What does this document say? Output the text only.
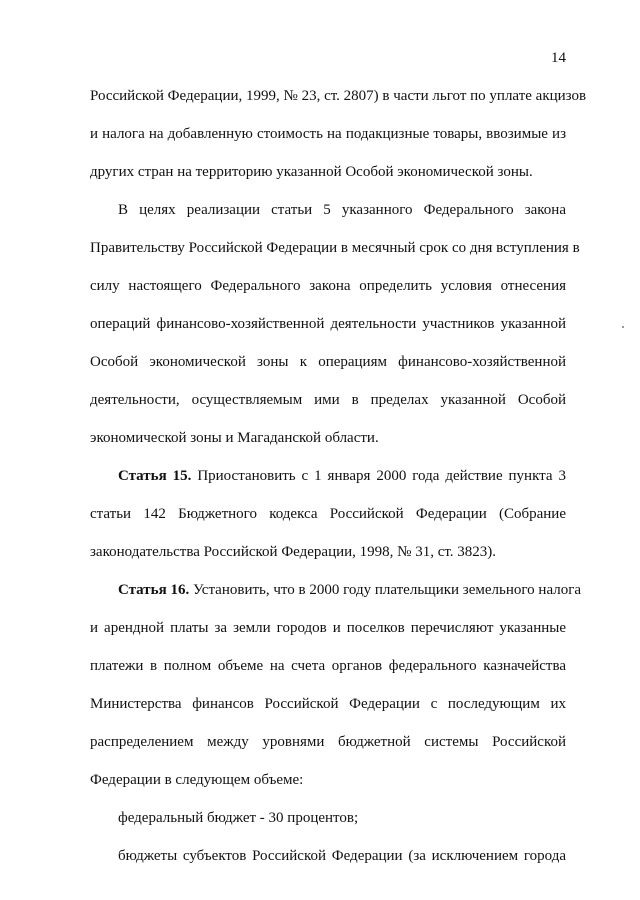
14
Российской Федерации, 1999, № 23, ст. 2807) в части льгот по уплате акцизов
и налога на добавленную стоимость на подакцизные товары, ввозимые из
других стран на территорию указанной Особой экономической зоны.
В целях реализации статьи 5 указанного Федерального закона
Правительству Российской Федерации в месячный срок со дня вступления в
силу настоящего Федерального закона определить условия отнесения
операций финансово-хозяйственной деятельности участников указанной
Особой экономической зоны к операциям финансово-хозяйственной
деятельности, осуществляемым ими в пределах указанной Особой
экономической зоны и Магаданской области.
Статья 15. Приостановить с 1 января 2000 года действие пункта 3
статьи 142 Бюджетного кодекса Российской Федерации (Собрание
законодательства Российской Федерации, 1998, № 31, ст. 3823).
Статья 16. Установить, что в 2000 году плательщики земельного налога
и арендной платы за земли городов и поселков перечисляют указанные
платежи в полном объеме на счета органов федерального казначейства
Министерства финансов Российской Федерации с последующим их
распределением между уровнями бюджетной системы Российской
Федерации в следующем объеме:
федеральный бюджет - 30 процентов;
бюджеты субъектов Российской Федерации (за исключением города
